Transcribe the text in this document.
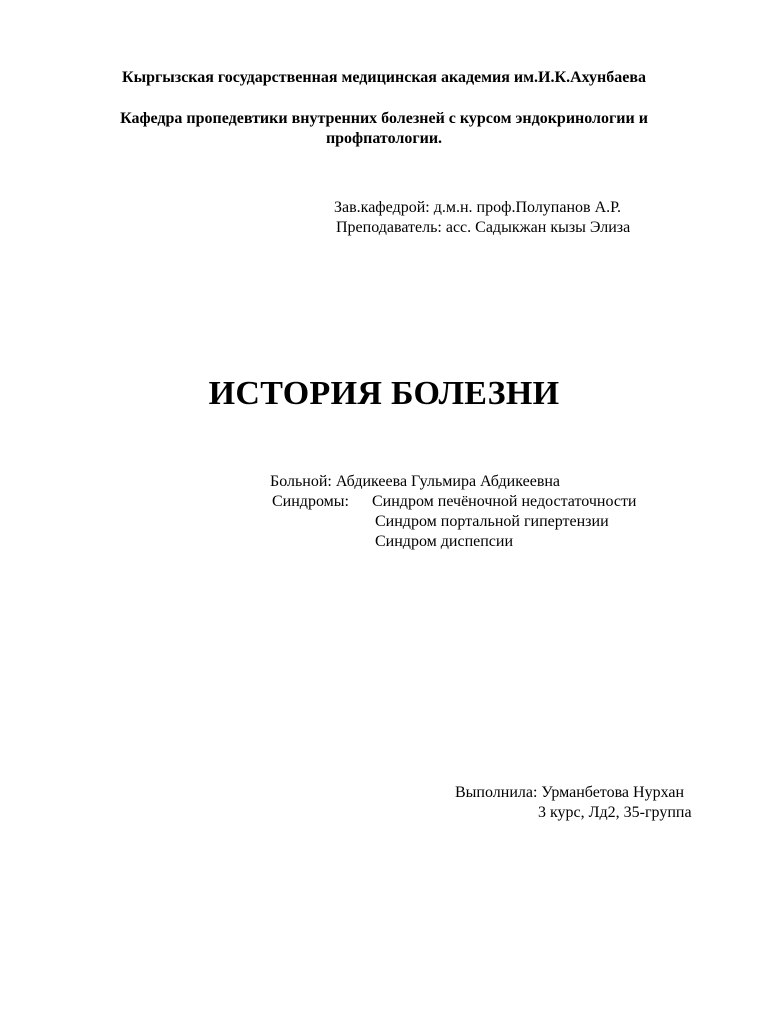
Кыргызская государственная медицинская академия им.И.К.Ахунбаева
Кафедра пропедевтики внутренних болезней с курсом эндокринологии и
профпатологии.
Зав.кафедрой: д.м.н. проф.Полупанов А.Р.
Преподаватель: асс. Садыкжан кызы Элиза
ИСТОРИЯ БОЛЕЗНИ
Больной: Абдикеева Гульмира Абдикеевна
Синдромы: Синдром печёночной недостаточности
Синдром портальной гипертензии
Синдром диспепсии
Выполнила: Урманбетова Нурхан
3 курс, Лд2, 35-группа
